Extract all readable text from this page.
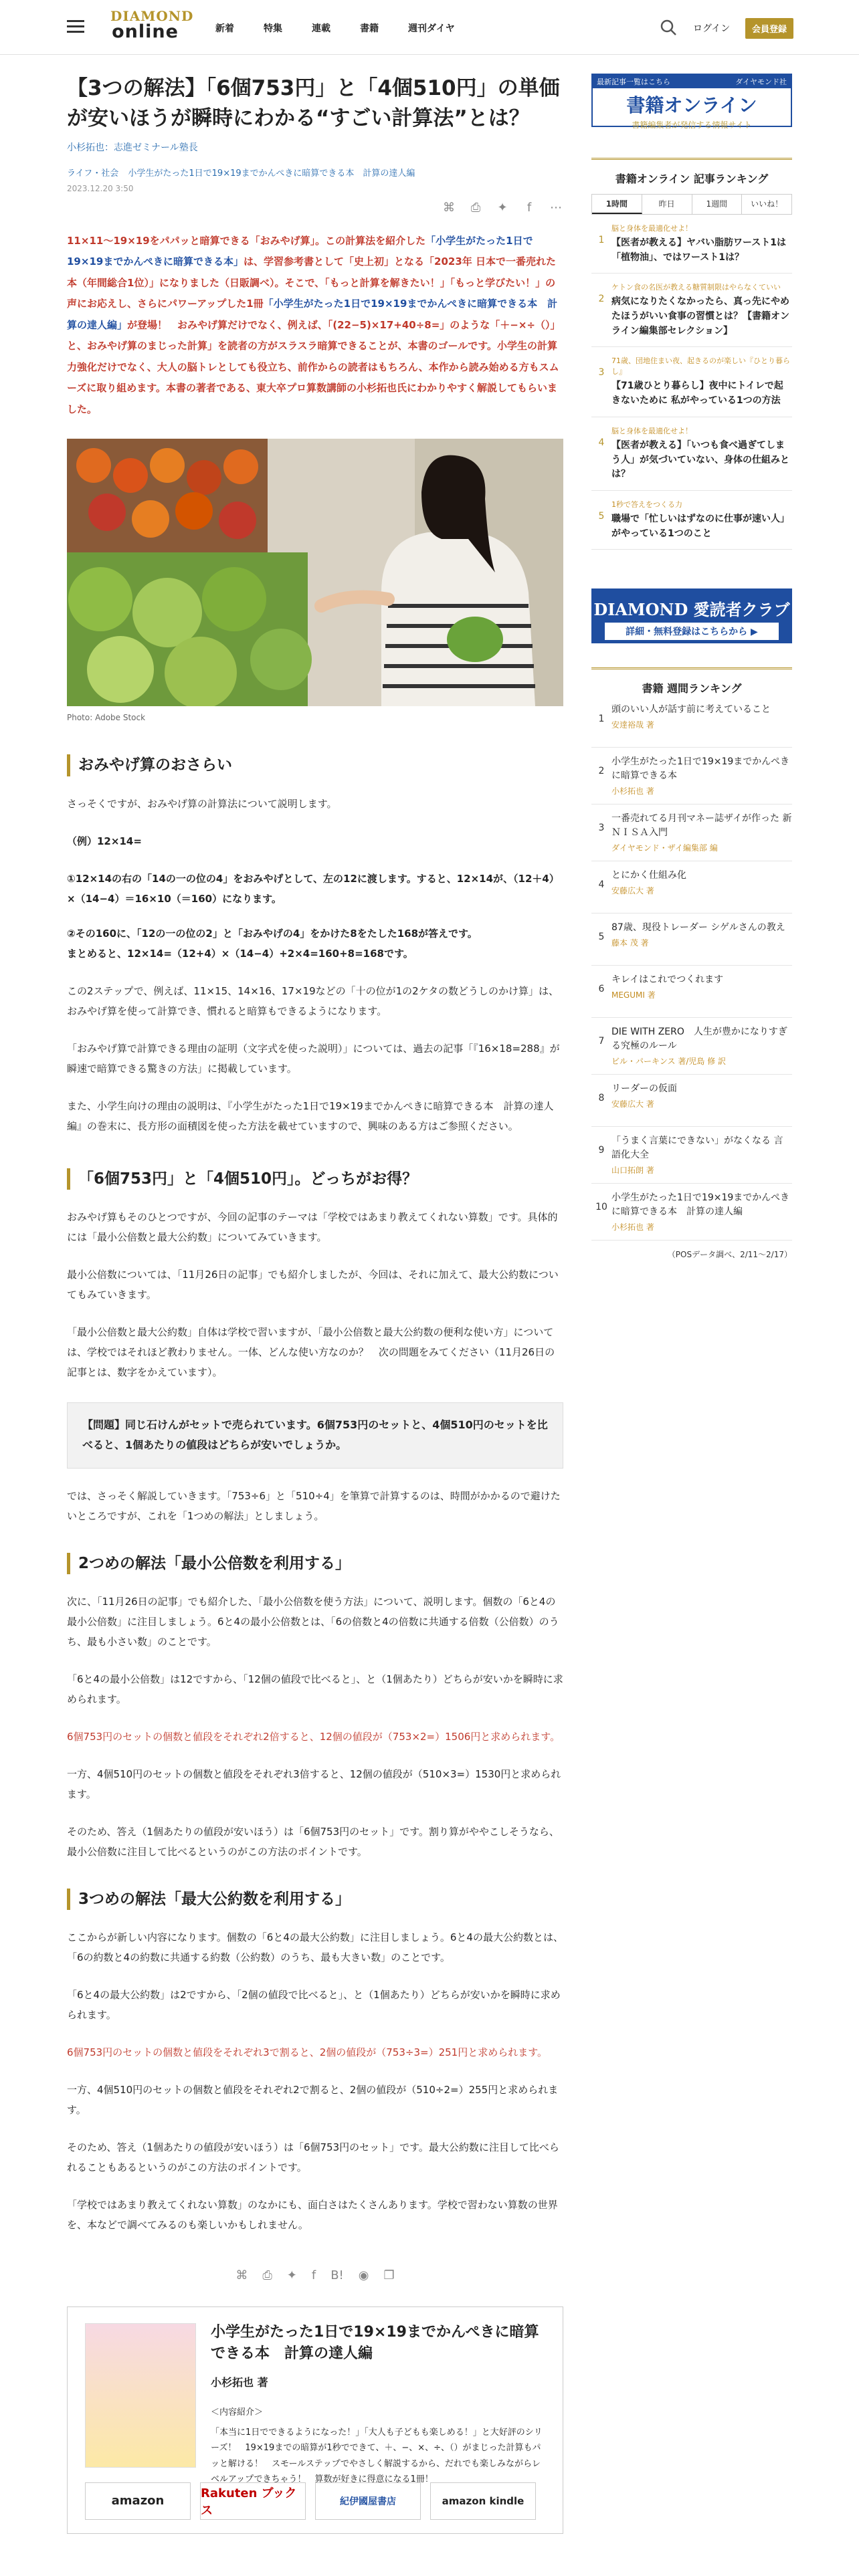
DIAMOND
online	新着	特集	連載	書籍	週刊ダイヤ	ログイン	会員登録
【3つの解法】「6個753円」と「4個510円」の単価が安いほうが瞬時にわかる“すごい計算法”とは？
小杉拓也：志進ゼミナール塾長
ライフ・社会 小学生がたった1日で19×19までかんぺきに暗算できる本　計算の達人編
2023.12.20 3:50
⌘ ⎙ ✦	f	⋯
11×11〜19×19をパパッと暗算できる「おみやげ算」。この計算法を紹介した「小学生がたった1日で19×19までかんぺきに暗算できる本」は、学習参考書として「史上初」となる「2023年 日本で一番売れた本（年間総合1位）」になりました（日販調べ）。そこで、「もっと計算を解きたい！」「もっと学びたい！」の声にお応えし、さらにパワーアップした1冊「小学生がたった1日で19×19までかんぺきに暗算できる本　計算の達人編」が登場！　おみやげ算だけでなく、例えば、「(22−5)×17+40÷8=」のような「＋−×÷（）」と、おみやげ算のまじった計算」を読者の方がスラスラ暗算できることが、本書のゴールです。小学生の計算力強化だけでなく、大人の脳トレとしても役立ち、前作からの読者はもちろん、本作から読み始める方もスムーズに取り組めます。本書の著者である、東大卒プロ算数講師の小杉拓也氏にわかりやすく解説してもらいました。
Photo: Adobe Stock
おみやげ算のおさらい

さっそくですが、おみやげ算の計算法について説明します。

（例）12×14=

①12×14の右の「14の一の位の4」をおみやげとして、左の12に渡します。すると、12×14が、（12＋4）×（14−4）＝16×10（＝160）になります。

②その160に、「12の一の位の2」と「おみやげの4」をかけた8をたした168が答えです。

まとめると、12×14=（12+4）×（14−4）+2×4=160+8=168です。

この2ステップで、例えば、11×15、14×16、17×19などの「十の位が1の2ケタの数どうしのかけ算」は、おみやげ算を使って計算でき、慣れると暗算もできるようになります。

「おみやげ算で計算できる理由の証明（文字式を使った説明）」については、過去の記事「『16×18=288』が瞬速で暗算できる驚きの方法」に掲載しています。

また、小学生向けの理由の説明は、『小学生がたった1日で19×19までかんぺきに暗算できる本　計算の達人編』の巻末に、長方形の面積図を使った方法を載せていますので、興味のある方はご参照ください。

「6個753円」と「4個510円」。どっちがお得？

おみやげ算もそのひとつですが、今回の記事のテーマは「学校ではあまり教えてくれない算数」です。具体的には「最小公倍数と最大公約数」についてみていきます。

最小公倍数については、「11月26日の記事」でも紹介しましたが、今回は、それに加えて、最大公約数についてもみていきます。

「最小公倍数と最大公約数」自体は学校で習いますが、「最小公倍数と最大公約数の便利な使い方」については、学校ではそれほど教わりません。一体、どんな使い方なのか？　次の問題をみてください（11月26日の記事とは、数字をかえています）。

【問題】同じ石けんがセットで売られています。6個753円のセットと、4個510円のセットを比べると、1個あたりの値段はどちらが安いでしょうか。

では、さっそく解説していきます。「753÷6」と「510÷4」を筆算で計算するのは、時間がかかるので避けたいところですが、これを「1つめの解法」としましょう。

2つめの解法「最小公倍数を利用する」

次に、「11月26日の記事」でも紹介した、「最小公倍数を使う方法」について、説明します。個数の「6と4の最小公倍数」に注目しましょう。6と4の最小公倍数とは、「6の倍数と4の倍数に共通する倍数（公倍数）のうち、最も小さい数」のことです。

「6と4の最小公倍数」は12ですから、「12個の値段で比べると」、と（1個あたり）どちらが安いかを瞬時に求められます。

6個753円のセットの個数と値段をそれぞれ2倍すると、12個の値段が（753×2=）1506円と求められます。

一方、4個510円のセットの個数と値段をそれぞれ3倍すると、12個の値段が（510×3=）1530円と求められます。

そのため、答え（1個あたりの値段が安いほう）は「6個753円のセット」です。割り算がややこしそうなら、最小公倍数に注目して比べるというのがこの方法のポイントです。

3つめの解法「最大公約数を利用する」

ここからが新しい内容になります。個数の「6と4の最大公約数」に注目しましょう。6と4の最大公約数とは、「6の約数と4の約数に共通する約数（公約数）のうち、最も大きい数」のことです。

「6と4の最大公約数」は2ですから、「2個の値段で比べると」、と（1個あたり）どちらが安いかを瞬時に求められます。

6個753円のセットの個数と値段をそれぞれ3で割ると、2個の値段が（753÷3=）251円と求められます。

一方、4個510円のセットの個数と値段をそれぞれ2で割ると、2個の値段が（510÷2=）255円と求められます。

そのため、答え（1個あたりの値段が安いほう）は「6個753円のセット」です。最大公約数に注目して比べられることもあるというのがこの方法のポイントです。

「学校ではあまり教えてくれない算数」のなかにも、面白さはたくさんあります。学校で習わない算数の世界を、本などで調べてみるのも楽しいかもしれません。

⌘ ⎙ ✦ f B! ◉ ❐
小学生がたった1日で19×19までかんぺきに暗算できる本　計算の達人編
小杉拓也 著
＜内容紹介＞
「本当に1日でできるようになった！」「大人も子どもも楽しめる！」と大好評のシリーズ！　19×19までの暗算が1秒でできて、＋、−、×、÷、（）がまじった計算もパッと解ける！　スモールステップでやさしく解説するから、だれでも楽しみながらレベルアップできちゃう！　算数が好きに得意になる1冊！
amazon
Rakuten ブックス
紀伊國屋書店	amazon kindle
最新記事一覧はこちら	ダイヤモンド社
書籍オンライン
書籍編集者が発信する情報サイト
書籍オンライン 記事ランキング
1時間	昨日	1週間	いいね！
1
脳と身体を最適化せよ！
【医者が教える】ヤバい脂肪ワースト1は「植物油」、ではワースト1は？
2
ケトン食の名医が教える糖質制限はやらなくていい
病気になりたくなかったら、真っ先にやめたほうがいい食事の習慣とは？【書籍オンライン編集部セレクション】
3
71歳、団地住まい夜、起きるのが楽しい『ひとり暮らし』
【71歳ひとり暮らし】夜中にトイレで起きないために 私がやっている1つの方法
4
脳と身体を最適化せよ！
【医者が教える】「いつも食べ過ぎてしまう人」が気づいていない、身体の仕組みとは？
5
1秒で答えをつくる力
職場で「忙しいはずなのに仕事が速い人」がやっている1つのこと
DIAMOND 愛読者クラブ
詳細・無料登録はこちらから ▶
書籍 週間ランキング
1
頭のいい人が話す前に考えていること
安達裕哉 著
2
小学生がたった1日で19×19までかんぺきに暗算できる本
小杉拓也 著
3
一番売れてる月刊マネー誌ザイが作った 新ＮＩＳＡ入門
ダイヤモンド・ザイ編集部 編
4
とにかく仕組み化
安藤広大 著
5
87歳、現役トレーダー シゲルさんの教え
藤本 茂 著
6
キレイはこれでつくれます
MEGUMI 著
7
DIE WITH ZERO　人生が豊かになりすぎる究極のルール
ビル・パーキンス 著/児島 修 訳
8
リーダーの仮面
安藤広大 著
9
「うまく言葉にできない」がなくなる 言語化大全
山口拓朗 著
10
小学生がたった1日で19×19までかんぺきに暗算できる本　計算の達人編
小杉拓也 著
（POSデータ調べ、2/11〜2/17）
